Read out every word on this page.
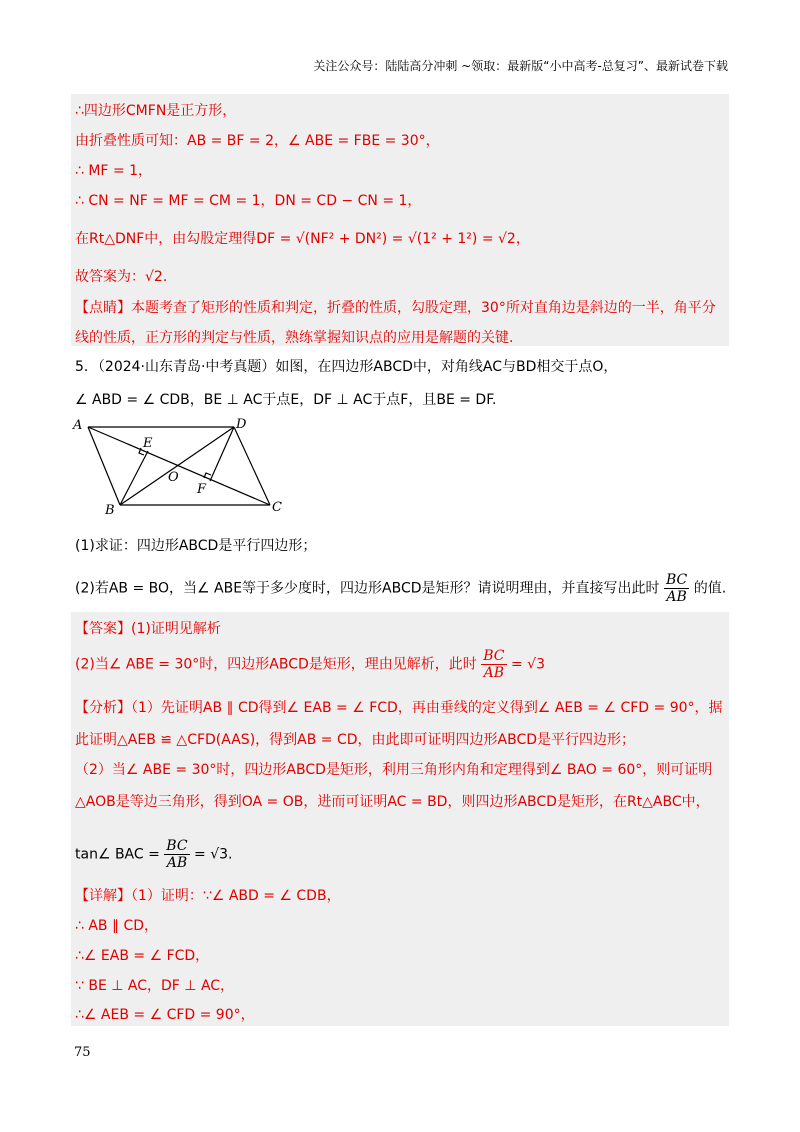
关注公众号：陆陆高分冲刺 ~领取：最新版“小中高考-总复习”、最新试卷下载
∴四边形CMFN是正方形，
由折叠性质可知：AB = BF = 2，∠ ABE = FBE = 30°，
∴ MF = 1，
∴ CN = NF = MF = CM = 1，DN = CD − CN = 1，
在Rt△DNF中，由勾股定理得DF = √(NF² + DN²) = √(1² + 1²) = √2，
故答案为：√2.
【点睛】本题考查了矩形的性质和判定，折叠的性质，勾股定理，30°所对直角边是斜边的一半，角平分
线的性质，正方形的判定与性质，熟练掌握知识点的应用是解题的关键.
5．（2024·山东青岛·中考真题）如图，在四边形ABCD中，对角线AC与BD相交于点O，
∠ ABD = ∠ CDB，BE ⊥ AC于点E，DF ⊥ AC于点F，且BE = DF.
A	D
E
O
F
B	C
(1)求证：四边形ABCD是平行四边形；
(2)若AB = BO，当∠ ABE等于多少度时，四边形ABCD是矩形？请说明理由，并直接写出此时 $\frac{BC}{AB}$ 的值.
【答案】(1)证明见解析
(2)当∠ ABE = 30°时，四边形ABCD是矩形，理由见解析，此时 $\frac{BC}{AB} = √3$
【分析】（1）先证明AB ∥ CD得到∠ EAB = ∠ FCD，再由垂线的定义得到∠ AEB = ∠ CFD = 90°，据
此证明△AEB ≌ △CFD(AAS)，得到AB = CD，由此即可证明四边形ABCD是平行四边形；
（2）当∠ ABE = 30°时，四边形ABCD是矩形，利用三角形内角和定理得到∠ BAO = 60°，则可证明
△AOB是等边三角形，得到OA = OB，进而可证明AC = BD，则四边形ABCD是矩形，在Rt△ABC中，
tan∠ BAC = $\frac{BC}{AB} = √3$.
【详解】（1）证明：∵∠ ABD = ∠ CDB，
∴ AB ∥ CD，
∴∠ EAB = ∠ FCD，
∵ BE ⊥ AC，DF ⊥ AC，
∴∠ AEB = ∠ CFD = 90°，
75
